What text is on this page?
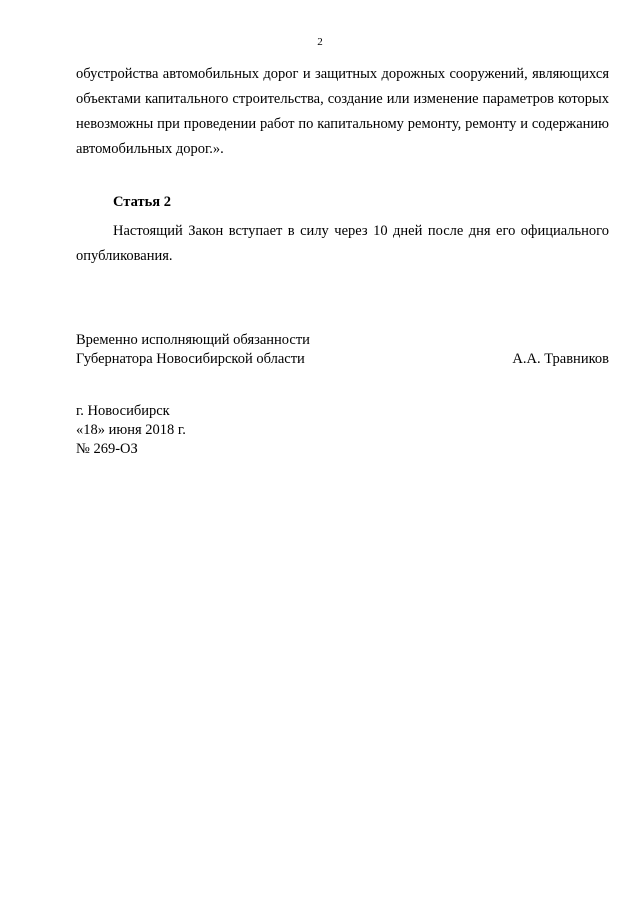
2

обустройства автомобильных дорог и защитных дорожных сооружений, являющихся объектами капитального строительства, создание или изменение параметров которых невозможны при проведении работ по капитальному ремонту, ремонту и содержанию автомобильных дорог.».

Статья 2

Настоящий Закон вступает в силу через 10 дней после дня его официального опубликования.

Временно исполняющий обязанности
Губернатора Новосибирской области	А.А. Травников
г. Новосибирск
«18» июня 2018 г.
№ 269-ОЗ
